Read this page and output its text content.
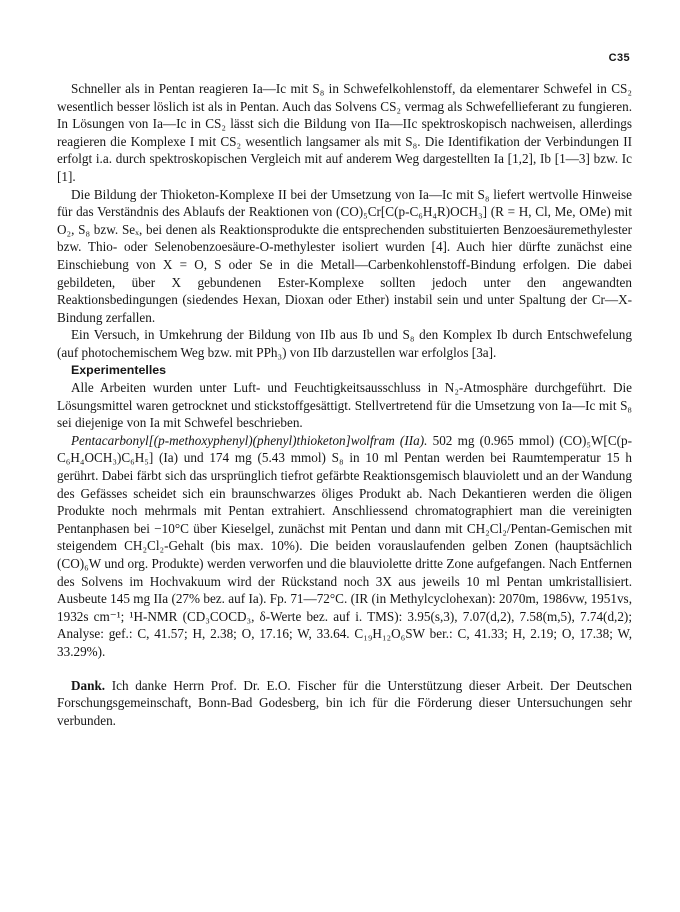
C35

Schneller als in Pentan reagieren Ia—Ic mit S₈ in Schwefelkohlenstoff, da elementarer Schwefel in CS₂ wesentlich besser löslich ist als in Pentan. Auch das Solvens CS₂ vermag als Schwefellieferant zu fungieren. In Lösungen von Ia—Ic in CS₂ lässt sich die Bildung von IIa—IIc spektroskopisch nachweisen, allerdings reagieren die Komplexe I mit CS₂ wesentlich langsamer als mit S₈. Die Identifikation der Verbindungen II erfolgt i.a. durch spektroskopischen Vergleich mit auf anderem Weg dargestellten Ia [1,2], Ib [1—3] bzw. Ic [1].

Die Bildung der Thioketon-Komplexe II bei der Umsetzung von Ia—Ic mit S₈ liefert wertvolle Hinweise für das Verständnis des Ablaufs der Reaktionen von (CO)₅Cr[C(p-C₆H₄R)OCH₃] (R = H, Cl, Me, OMe) mit O₂, S₈ bzw. Seₓ, bei denen als Reaktionsprodukte die entsprechenden substituierten Benzoesäuremethylester bzw. Thio- oder Selenobenzoesäure-O-methylester isoliert wurden [4]. Auch hier dürfte zunächst eine Einschiebung von X = O, S oder Se in die Metall—Carbenkohlenstoff-Bindung erfolgen. Die dabei gebildeten, über X gebundenen Ester-Komplexe sollten jedoch unter den angewandten Reaktionsbedingungen (siedendes Hexan, Dioxan oder Ether) instabil sein und unter Spaltung der Cr—X-Bindung zerfallen.

Ein Versuch, in Umkehrung der Bildung von IIb aus Ib und S₈ den Komplex Ib durch Entschwefelung (auf photochemischem Weg bzw. mit PPh₃) von IIb darzustellen war erfolglos [3a].

Experimentelles

Alle Arbeiten wurden unter Luft- und Feuchtigkeitsausschluss in N₂-Atmosphäre durchgeführt. Die Lösungsmittel waren getrocknet und stickstoffgesättigt. Stellvertretend für die Umsetzung von Ia—Ic mit S₈ sei diejenige von Ia mit Schwefel beschrieben.

Pentacarbonyl[(p-methoxyphenyl)(phenyl)thioketon]wolfram (IIa). 502 mg (0.965 mmol) (CO)₅W[C(p-C₆H₄OCH₃)C₆H₅] (Ia) und 174 mg (5.43 mmol) S₈ in 10 ml Pentan werden bei Raumtemperatur 15 h gerührt. Dabei färbt sich das ursprünglich tiefrot gefärbte Reaktionsgemisch blauviolett und an der Wandung des Gefässes scheidet sich ein braunschwarzes öliges Produkt ab. Nach Dekantieren werden die öligen Produkte noch mehrmals mit Pentan extrahiert. Anschliessend chromatographiert man die vereinigten Pentanphasen bei −10°C über Kieselgel, zunächst mit Pentan und dann mit CH₂Cl₂/Pentan-Gemischen mit steigendem CH₂Cl₂-Gehalt (bis max. 10%). Die beiden vorauslaufenden gelben Zonen (hauptsächlich (CO)₆W und org. Produkte) werden verworfen und die blauviolette dritte Zone aufgefangen. Nach Entfernen des Solvens im Hochvakuum wird der Rückstand noch 3X aus jeweils 10 ml Pentan umkristallisiert. Ausbeute 145 mg IIa (27% bez. auf Ia). Fp. 71—72°C. (IR (in Methylcyclohexan): 2070m, 1986vw, 1951vs, 1932s cm⁻¹; ¹H-NMR (CD₃COCD₃, δ-Werte bez. auf i. TMS): 3.95(s,3), 7.07(d,2), 7.58(m,5), 7.74(d,2); Analyse: gef.: C, 41.57; H, 2.38; O, 17.16; W, 33.64. C₁₉H₁₂O₆SW ber.: C, 41.33; H, 2.19; O, 17.38; W, 33.29%).

Dank. Ich danke Herrn Prof. Dr. E.O. Fischer für die Unterstützung dieser Arbeit. Der Deutschen Forschungsgemeinschaft, Bonn-Bad Godesberg, bin ich für die Förderung dieser Untersuchungen sehr verbunden.
